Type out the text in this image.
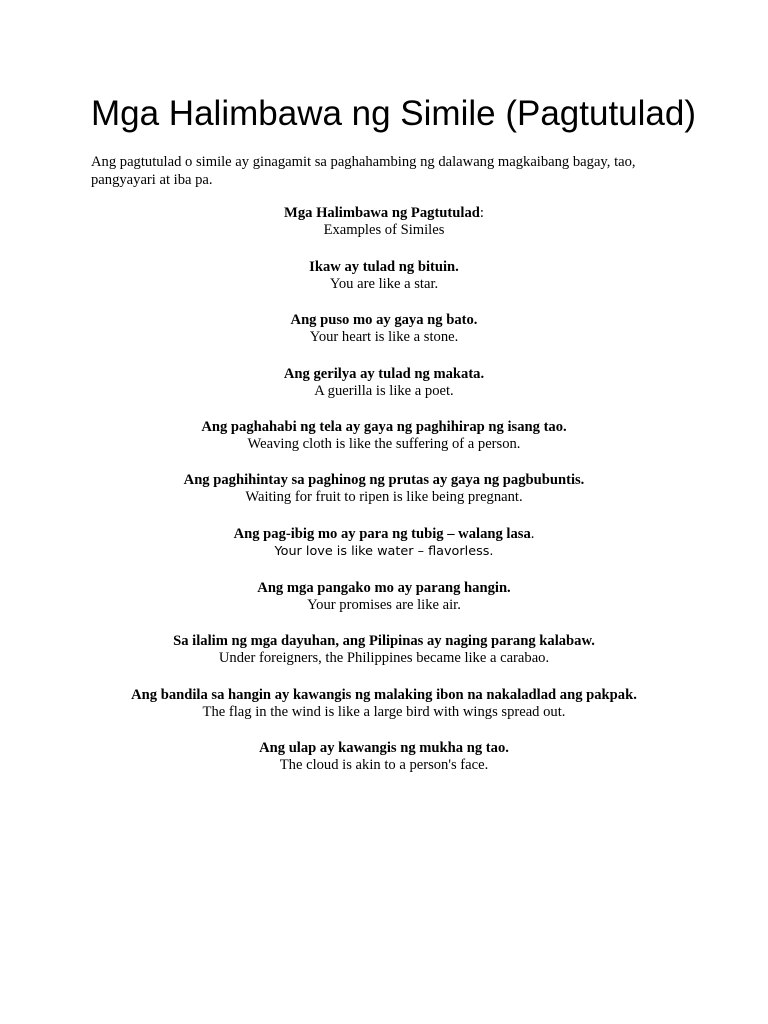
Mga Halimbawa ng Simile (Pagtutulad)

Ang pagtutulad o simile ay ginagamit sa paghahambing ng dalawang magkaibang bagay, tao, pangyayari at iba pa.

Mga Halimbawa ng Pagtutulad:
Examples of Similes
Ikaw ay tulad ng bituin.
You are like a star.
Ang puso mo ay gaya ng bato.
Your heart is like a stone.
Ang gerilya ay tulad ng makata.
A guerilla is like a poet.
Ang paghahabi ng tela ay gaya ng paghihirap ng isang tao.
Weaving cloth is like the suffering of a person.
Ang paghihintay sa paghinog ng prutas ay gaya ng pagbubuntis.
Waiting for fruit to ripen is like being pregnant.
Ang pag-ibig mo ay para ng tubig – walang lasa.
Your love is like water – flavorless.
Ang mga pangako mo ay parang hangin.
Your promises are like air.
Sa ilalim ng mga dayuhan, ang Pilipinas ay naging parang kalabaw.
Under foreigners, the Philippines became like a carabao.
Ang bandila sa hangin ay kawangis ng malaking ibon na nakaladlad ang pakpak.
The flag in the wind is like a large bird with wings spread out.
Ang ulap ay kawangis ng mukha ng tao.
The cloud is akin to a person's face.
